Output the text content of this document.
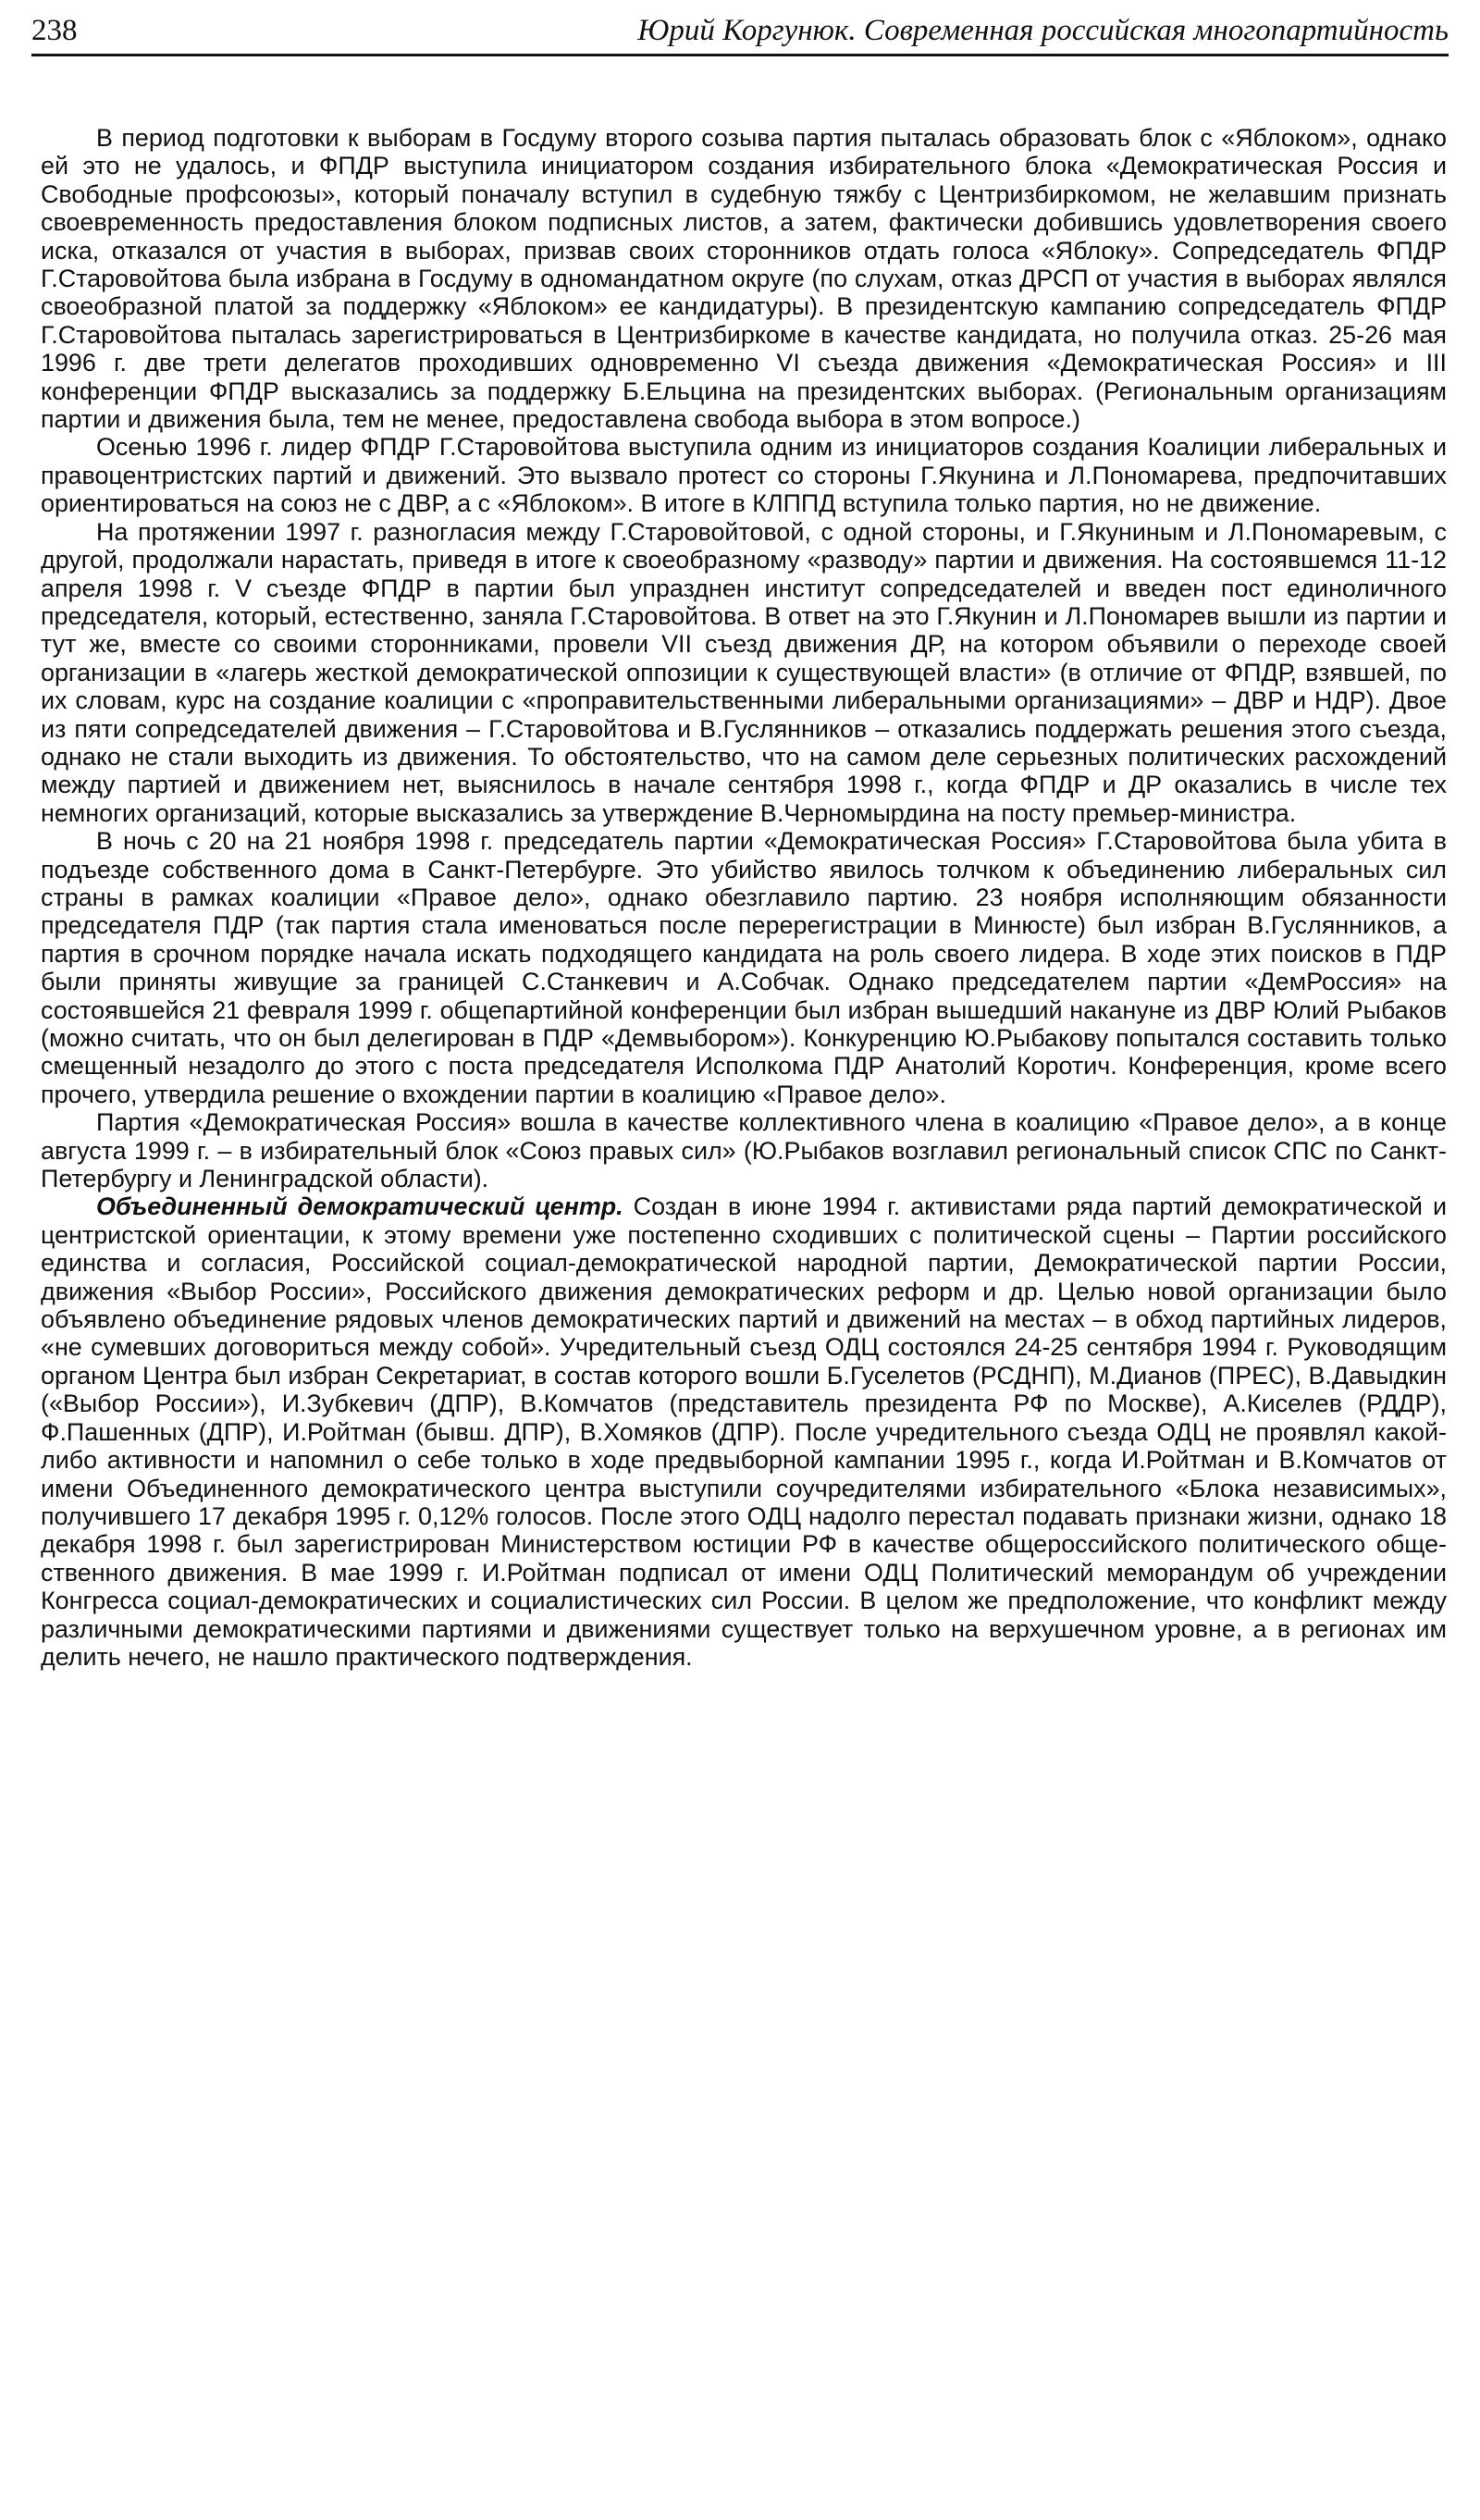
238	Юрий Коргунюк. Современная российская многопартийность

В период подготовки к выборам в Госдуму второго созыва партия пыталась образовать блок с «Яблоком», однако ей это не удалось, и ФПДР выступила инициатором создания избирательного блока «Демократическая Россия и Свободные профсоюзы», который поначалу вступил в судебную тяжбу с Центризбиркомом, не желавшим признать своевременность предоставления блоком подписных листов, а затем, фактически добившись удовлетворения своего иска, отказался от участия в выборах, призвав своих сторонников отдать голоса «Яблоку». Сопредседатель ФПДР Г.Старовойтова была избрана в Госдуму в одномандатном округе (по слухам, отказ ДРСП от участия в выборах являлся своеобразной платой за поддержку «Яблоком» ее кандидатуры). В президентскую кампанию сопредседатель ФПДР Г.Старовойтова пыталась зарегистрироваться в Центризбиркоме в качестве кандидата, но получила отказ. 25-26 мая 1996 г. две трети делегатов проходивших одновременно VI съезда движения «Демократическая Россия» и III конференции ФПДР высказались за поддержку Б.Ельцина на президентских выборах. (Региональным организациям партии и движения была, тем не менее, предоставлена свобода выбора в этом вопросе.)

Осенью 1996 г. лидер ФПДР Г.Старовойтова выступила одним из инициаторов создания Коалиции либеральных и правоцентристских партий и движений. Это вызвало протест со стороны Г.Якунина и Л.Пономарева, предпочитавших ориентироваться на союз не с ДВР, а с «Яблоком». В итоге в КЛППД вступила только партия, но не движение.

На протяжении 1997 г. разногласия между Г.Старовойтовой, с одной стороны, и Г.Якуниным и Л.Пономаревым, с другой, продолжали нарастать, приведя в итоге к своеобразному «разводу» партии и движения. На состоявшемся 11-12 апреля 1998 г. V съезде ФПДР в партии был упразднен институт сопредседателей и введен пост единоличного председателя, который, естественно, заняла Г.Старовойтова. В ответ на это Г.Якунин и Л.Пономарев вышли из партии и тут же, вместе со своими сторонниками, провели VII съезд движения ДР, на котором объявили о переходе своей организации в «лагерь жесткой демократической оппозиции к существующей власти» (в отличие от ФПДР, взявшей, по их словам, курс на создание коалиции с «проправительственными либеральными организациями» – ДВР и НДР). Двое из пяти сопредседателей движения – Г.Старовойтова и В.Гуслянников – отказались поддержать решения этого съезда, однако не стали выходить из движения. То обстоятельство, что на самом деле серьезных политических расхождений между партией и движением нет, выяснилось в начале сентября 1998 г., когда ФПДР и ДР оказались в числе тех немногих организаций, которые высказались за утверждение В.Черномырдина на посту премьер-министра.

В ночь с 20 на 21 ноября 1998 г. председатель партии «Демократическая Россия» Г.Старовойтова была убита в подъезде собственного дома в Санкт-Петербурге. Это убийство явилось толчком к объединению либеральных сил страны в рамках коалиции «Правое дело», однако обезглавило партию. 23 ноября исполняющим обязанности председателя ПДР (так партия стала именоваться после перерегистрации в Минюсте) был избран В.Гуслянников, а партия в срочном порядке начала искать подходящего кандидата на роль своего лидера. В ходе этих поисков в ПДР были приняты живущие за границей С.Станкевич и А.Собчак. Однако председателем партии «ДемРоссия» на состоявшейся 21 февраля 1999 г. общепартийной конференции был избран вышедший накануне из ДВР Юлий Рыбаков (можно считать, что он был делегирован в ПДР «Демвыбором»). Конкуренцию Ю.Рыбакову попытался составить только смещенный незадолго до этого с поста председателя Исполкома ПДР Анатолий Коротич. Конференция, кроме всего прочего, утвердила решение о вхождении партии в коалицию «Правое дело».

Партия «Демократическая Россия» вошла в качестве коллективного члена в коалицию «Правое дело», а в конце августа 1999 г. – в избирательный блок «Союз правых сил» (Ю.Рыбаков возглавил региональный список СПС по Санкт-Петербургу и Ленинградской области).

Объединенный демократический центр. Создан в июне 1994 г. активистами ряда партий демократической и центристской ориентации, к этому времени уже постепенно сходивших с политической сцены – Партии российского единства и согласия, Российской социал-демократической народной партии, Демократической партии России, движения «Выбор России», Российского движения демократических реформ и др. Целью новой организации было объявлено объединение рядовых членов демократических партий и движений на местах – в обход партийных лидеров, «не сумевших договориться между собой». Учредительный съезд ОДЦ состоялся 24-25 сентября 1994 г. Руководящим органом Центра был избран Секретариат, в состав которого вошли Б.Гуселетов (РСДНП), М.Дианов (ПРЕС), В.Давыдкин («Выбор России»), И.Зубкевич (ДПР), В.Комчатов (представитель президента РФ по Москве), А.Киселев (РДДР), Ф.Пашенных (ДПР), И.Ройтман (бывш. ДПР), В.Хомяков (ДПР). После учредительного съезда ОДЦ не проявлял какой-либо активности и напомнил о себе только в ходе предвыборной кампании 1995 г., когда И.Ройтман и В.Комчатов от имени Объединенного демократического центра выступили соучредителями избирательного «Блока независимых», получившего 17 декабря 1995 г. 0,12% голосов. После этого ОДЦ надолго перестал подавать признаки жизни, однако 18 декабря 1998 г. был зарегистрирован Министерством юстиции РФ в качестве общероссийского политического общественного движения. В мае 1999 г. И.Ройтман подписал от имени ОДЦ Политический меморандум об учреждении Конгресса социал-демократических и социалистических сил России. В целом же предположение, что конфликт между различными демократическими партиями и движениями существует только на верхушечном уровне, а в регионах им делить нечего, не нашло практического подтверждения.
